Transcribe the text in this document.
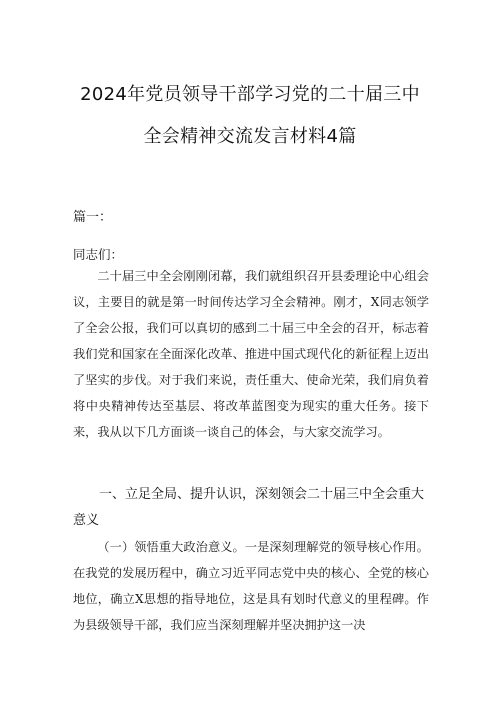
2024年党员领导干部学习党的二十届三中
全会精神交流发言材料4篇
篇一：
同志们：

二十届三中全会刚刚闭幕，我们就组织召开县委理论中心组会议，主要目的就是第一时间传达学习全会精神。刚才，X同志领学了全会公报，我们可以真切的感到二十届三中全会的召开，标志着我们党和国家在全面深化改革、推进中国式现代化的新征程上迈出了坚实的步伐。对于我们来说，责任重大、使命光荣，我们肩负着将中央精神传达至基层、将改革蓝图变为现实的重大任务。接下来，我从以下几方面谈一谈自己的体会，与大家交流学习。

一、立足全局、提升认识，深刻领会二十届三中全会重大意义

（一）领悟重大政治意义。一是深刻理解党的领导核心作用。在我党的发展历程中，确立习近平同志党中央的核心、全党的核心地位，确立X思想的指导地位，这是具有划时代意义的里程碑。作为县级领导干部，我们应当深刻理解并坚决拥护这一决
